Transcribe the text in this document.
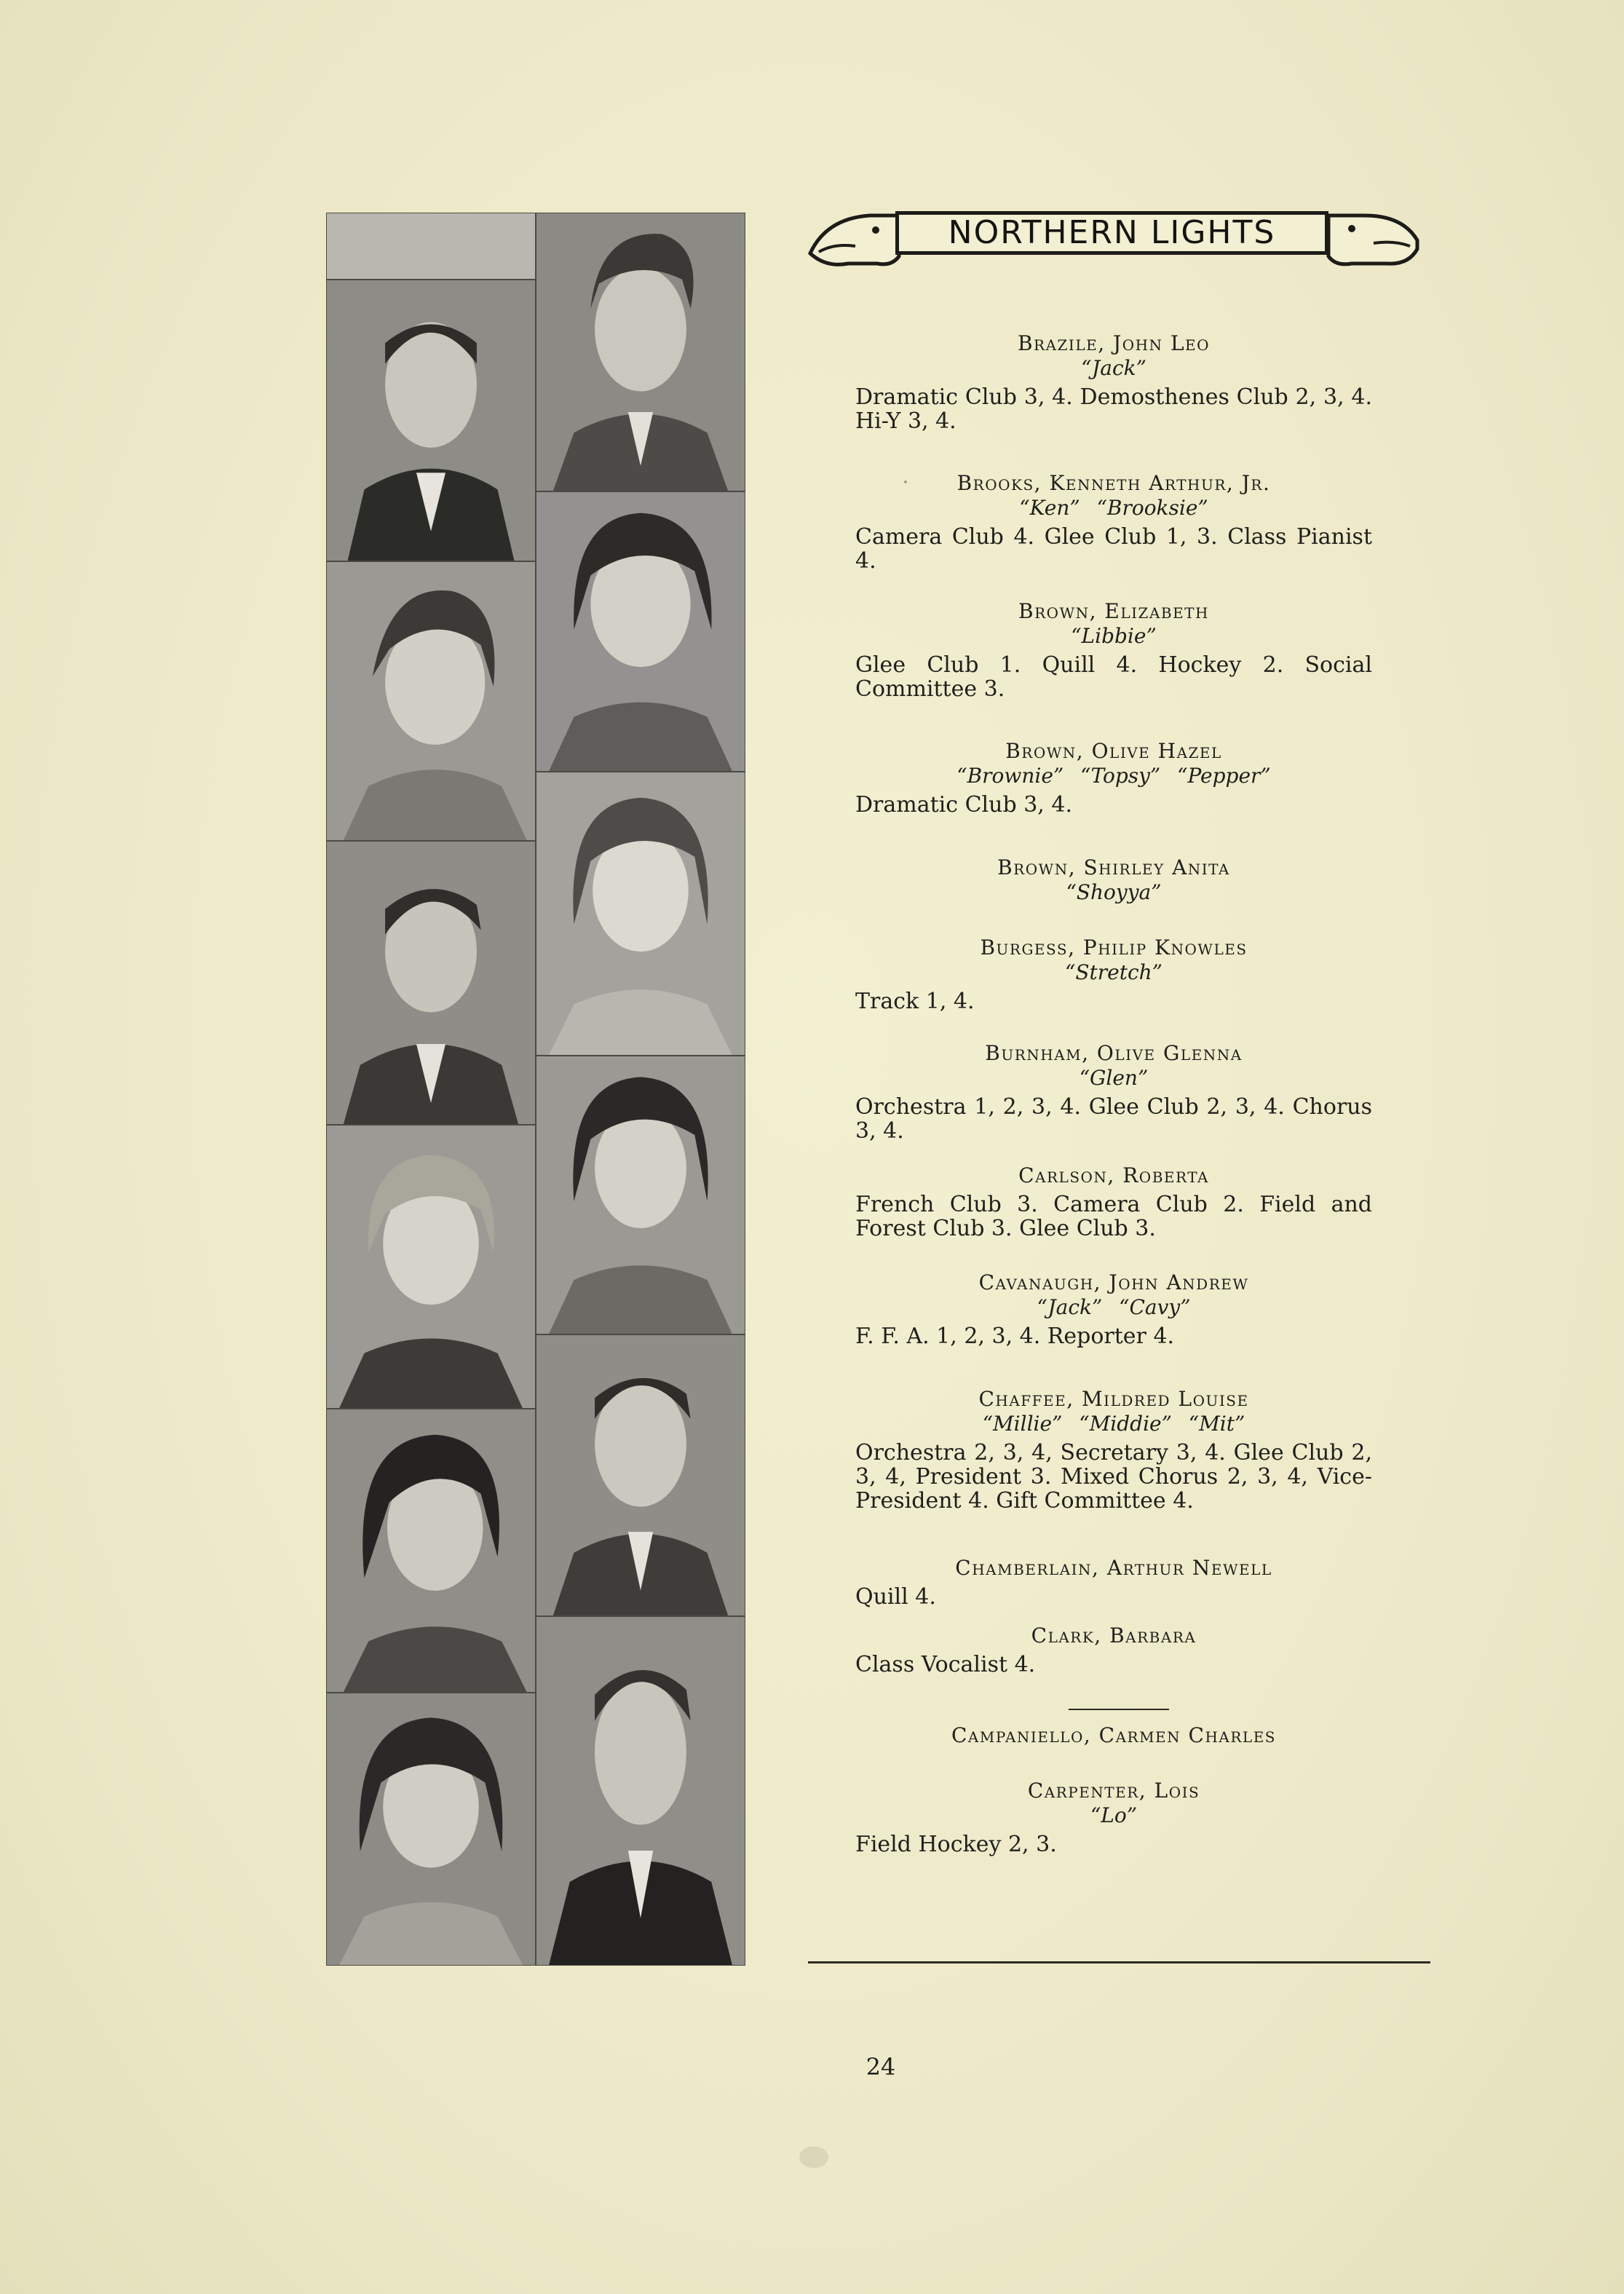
NORTHERN LIGHTS
Brazile, John Leo
“Jack”
Dramatic Club 3, 4. Demosthenes Club 2, 3, 4. Hi-Y 3, 4.
Brooks, Kenneth Arthur, Jr.
“Ken” “Brooksie”
Camera Club 4. Glee Club 1, 3. Class Pianist 4.
Brown, Elizabeth
“Libbie”
Glee Club 1. Quill 4. Hockey 2. Social Committee 3.
Brown, Olive Hazel
“Brownie” “Topsy” “Pepper”
Dramatic Club 3, 4.
Brown, Shirley Anita
“Shoyya”
Burgess, Philip Knowles
“Stretch”
Track 1, 4.
Burnham, Olive Glenna
“Glen”
Orchestra 1, 2, 3, 4. Glee Club 2, 3, 4. Chorus 3, 4.
Carlson, Roberta
French Club 3. Camera Club 2. Field and Forest Club 3. Glee Club 3.
Cavanaugh, John Andrew
“Jack” “Cavy”
F. F. A. 1, 2, 3, 4. Reporter 4.
Chaffee, Mildred Louise
“Millie” “Middie” “Mit”
Orchestra 2, 3, 4, Secretary 3, 4. Glee Club 2, 3, 4, President 3. Mixed Chorus 2, 3, 4, Vice-President 4. Gift Committee 4.
Chamberlain, Arthur Newell
Quill 4.
Clark, Barbara
Class Vocalist 4.
Campaniello, Carmen Charles
Carpenter, Lois
“Lo”
Field Hockey 2, 3.
24
